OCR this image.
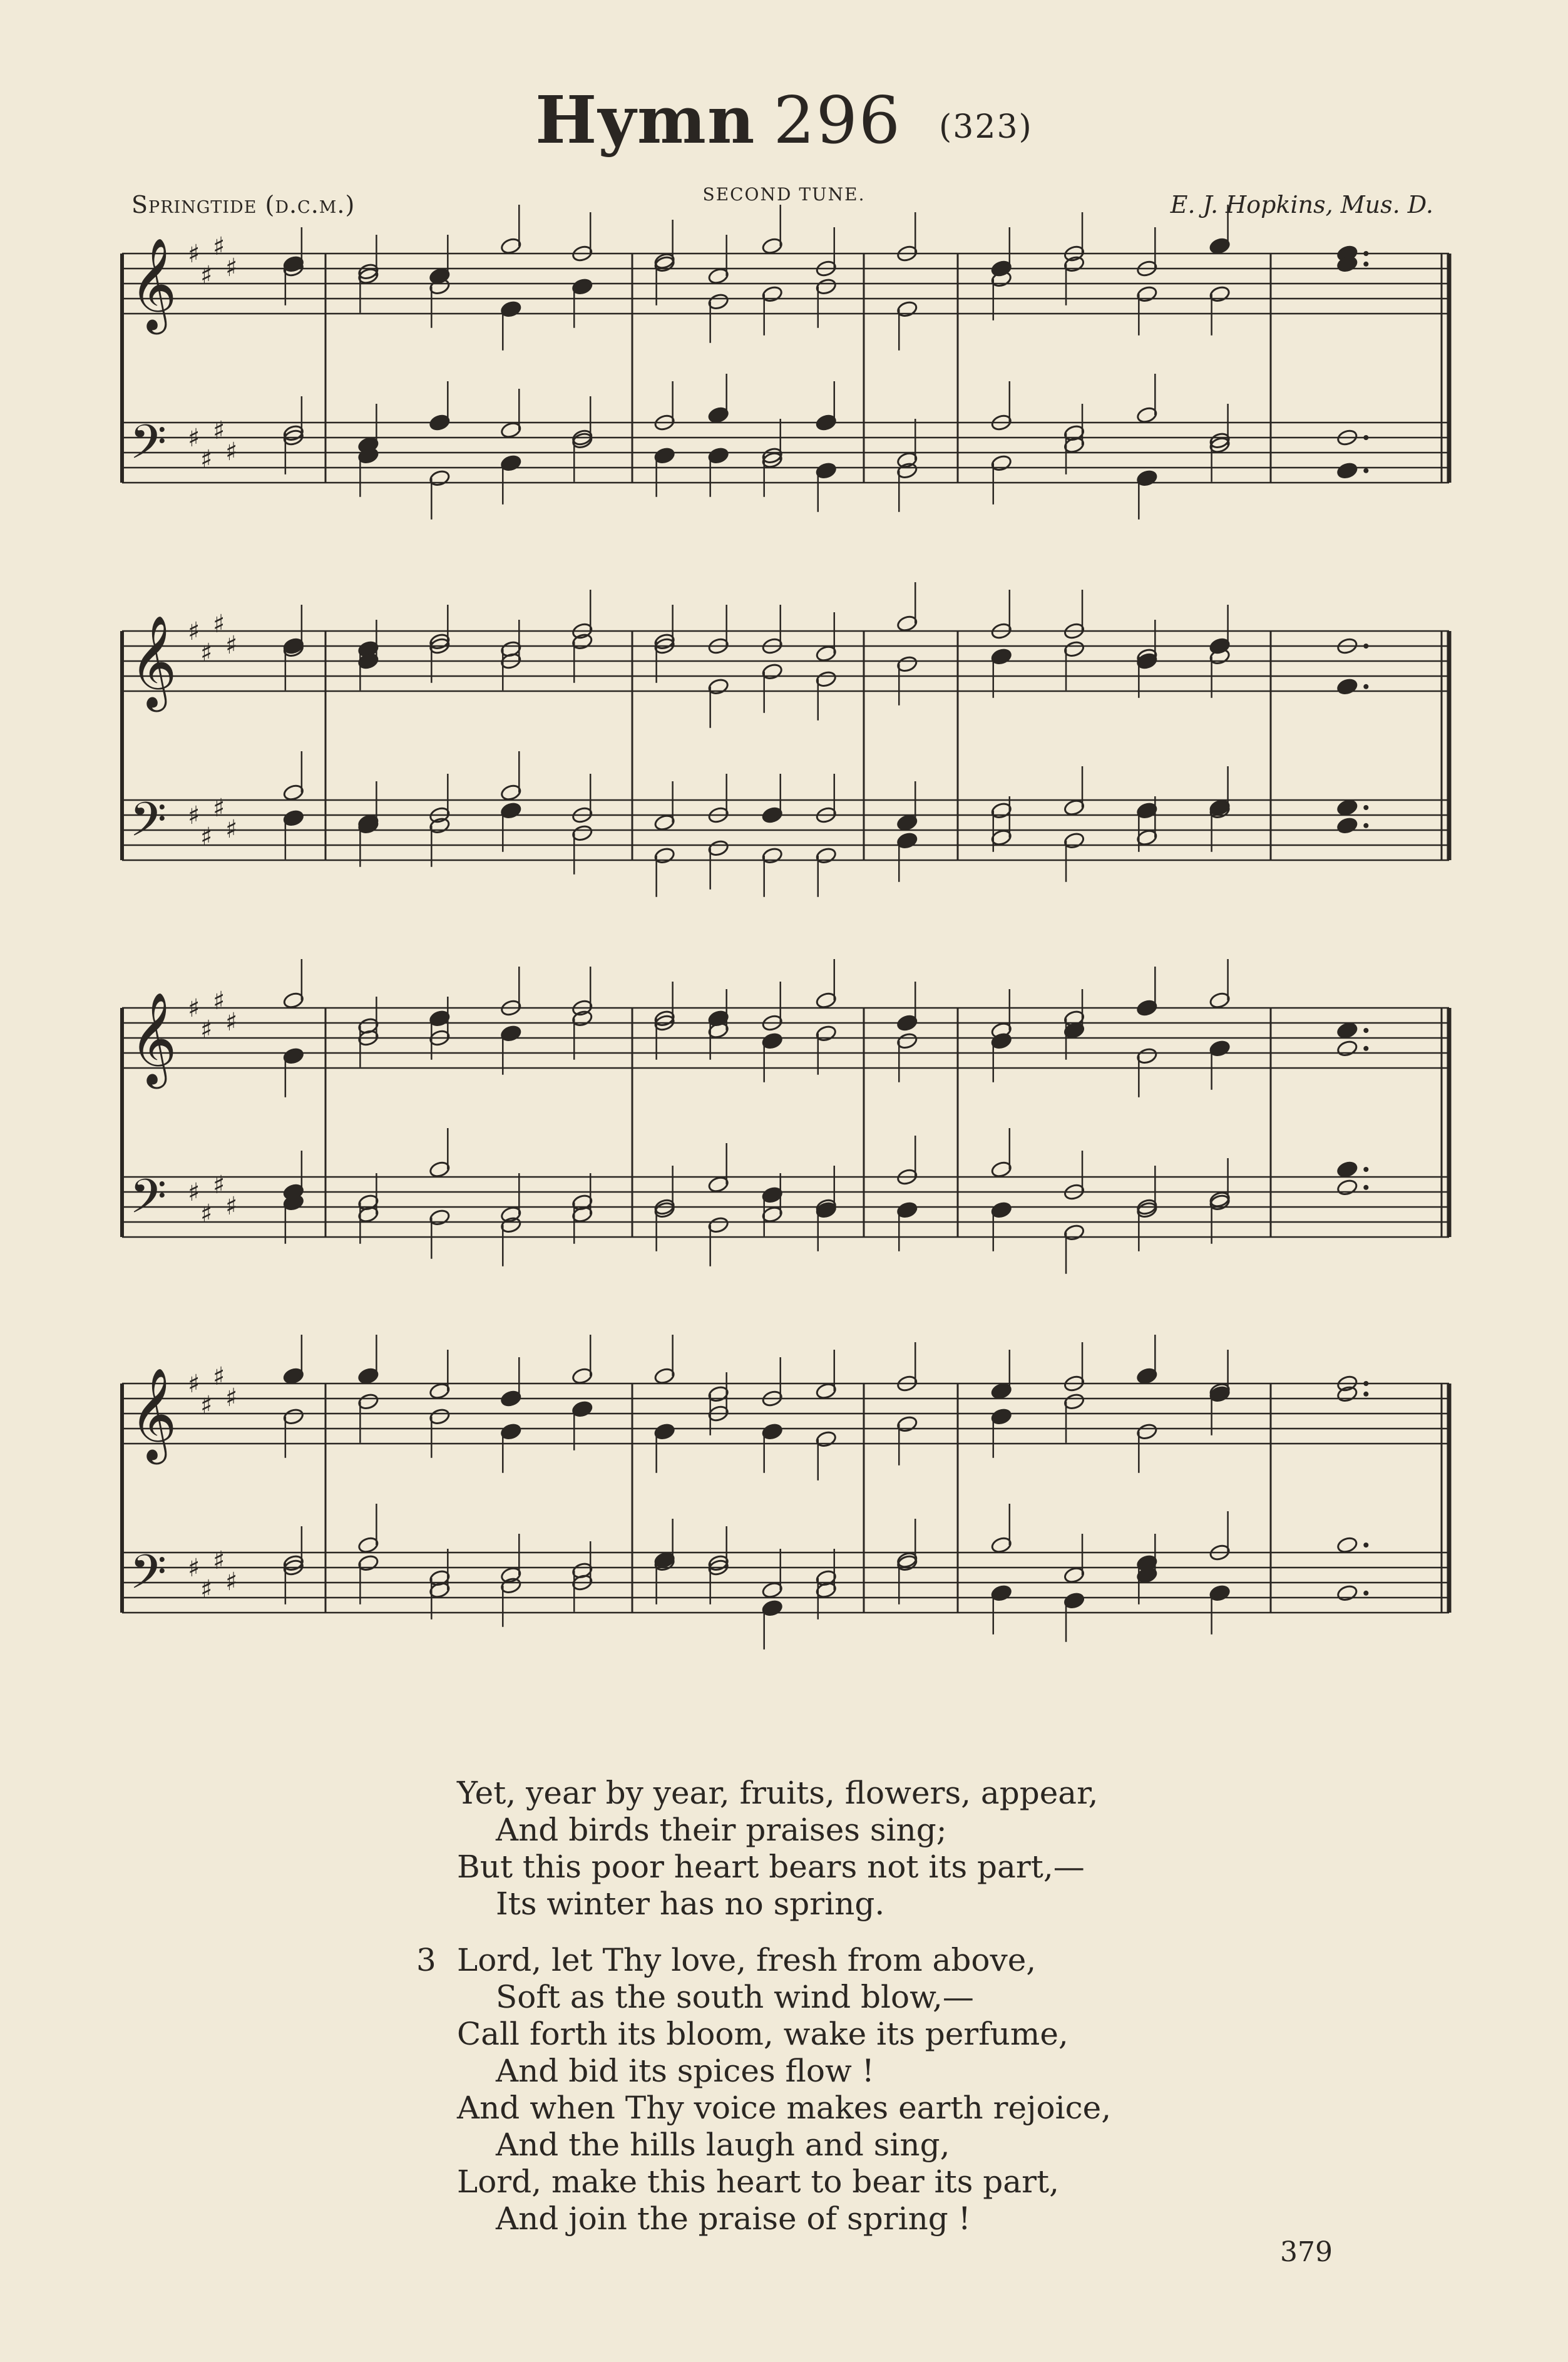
Hymn 296 (323)
Springtide (d.c.m.)	SECOND TUNE.	E. J. Hopkins, Mus. D.
𝄞
𝄢
♯
♯
♯
♯
♯
♯
♯
♯
𝄞
𝄢
♯
♯
♯
♯
♯
♯
♯
♯
𝄞
𝄢
♯
♯
♯
♯
♯
♯
♯
♯
𝄞
𝄢
♯
♯
♯
♯
♯
♯
♯
♯
Yet, year by year, fruits, flowers, appear,
And birds their praises sing;
But this poor heart bears not its part,—
Its winter has no spring.
3 Lord, let Thy love, fresh from above,
Soft as the south wind blow,—
Call forth its bloom, wake its perfume,
And bid its spices flow !
And when Thy voice makes earth rejoice,
And the hills laugh and sing,
Lord, make this heart to bear its part,
And join the praise of spring !
379
